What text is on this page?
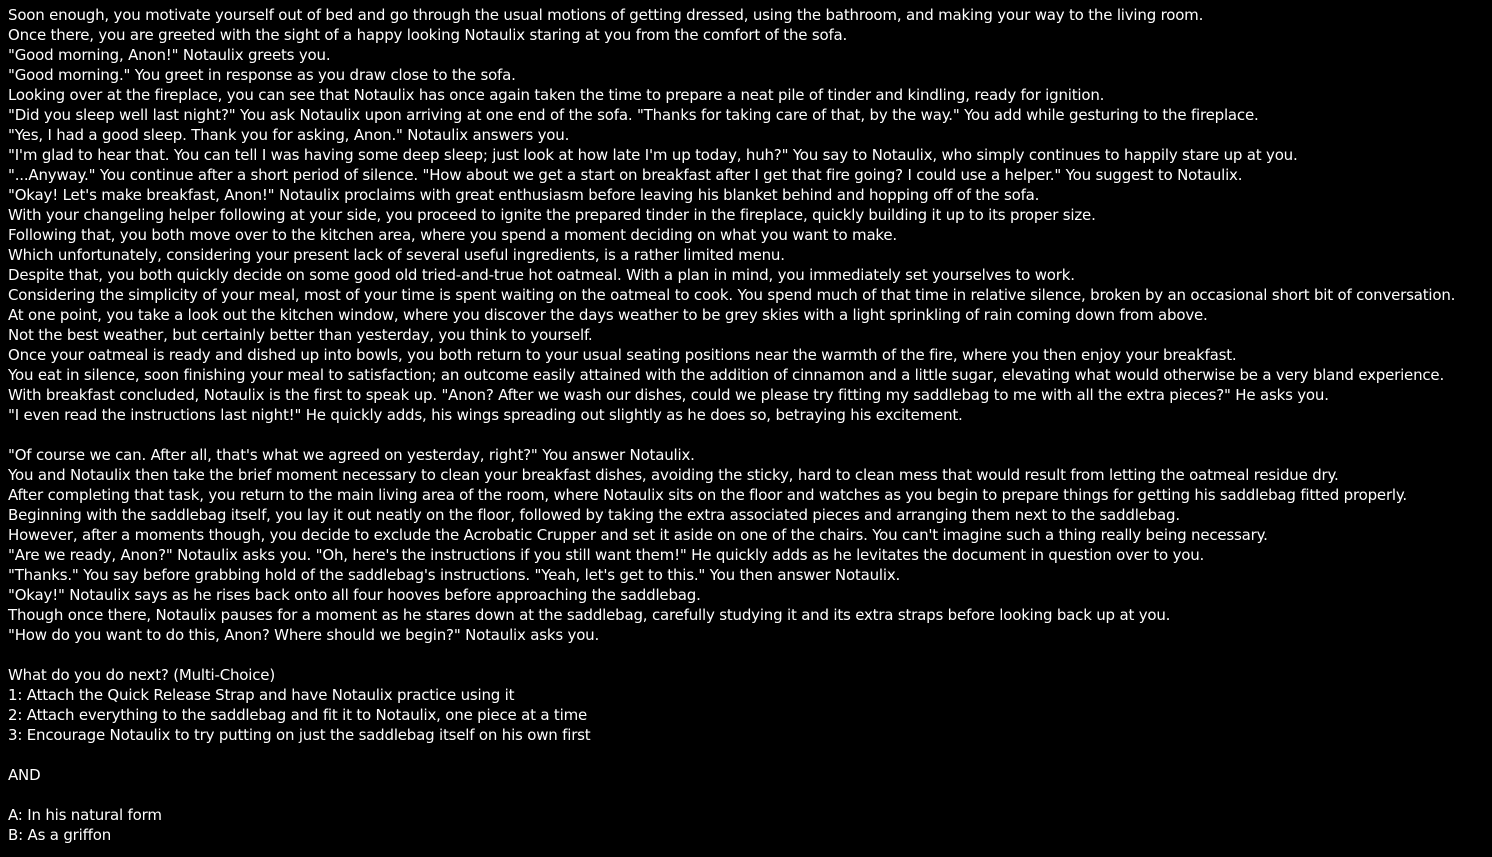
Soon enough, you motivate yourself out of bed and go through the usual motions of getting dressed, using the bathroom, and making your way to the living room.
Once there, you are greeted with the sight of a happy looking Notaulix staring at you from the comfort of the sofa.
"Good morning, Anon!" Notaulix greets you.
"Good morning." You greet in response as you draw close to the sofa.
Looking over at the fireplace, you can see that Notaulix has once again taken the time to prepare a neat pile of tinder and kindling, ready for ignition.
"Did you sleep well last night?" You ask Notaulix upon arriving at one end of the sofa. "Thanks for taking care of that, by the way." You add while gesturing to the fireplace.
"Yes, I had a good sleep. Thank you for asking, Anon." Notaulix answers you.
"I'm glad to hear that. You can tell I was having some deep sleep; just look at how late I'm up today, huh?" You say to Notaulix, who simply continues to happily stare up at you.
"...Anyway." You continue after a short period of silence. "How about we get a start on breakfast after I get that fire going? I could use a helper." You suggest to Notaulix.
"Okay! Let's make breakfast, Anon!" Notaulix proclaims with great enthusiasm before leaving his blanket behind and hopping off of the sofa.
With your changeling helper following at your side, you proceed to ignite the prepared tinder in the fireplace, quickly building it up to its proper size.
Following that, you both move over to the kitchen area, where you spend a moment deciding on what you want to make.
Which unfortunately, considering your present lack of several useful ingredients, is a rather limited menu.
Despite that, you both quickly decide on some good old tried-and-true hot oatmeal. With a plan in mind, you immediately set yourselves to work.
Considering the simplicity of your meal, most of your time is spent waiting on the oatmeal to cook. You spend much of that time in relative silence, broken by an occasional short bit of conversation.
At one point, you take a look out the kitchen window, where you discover the days weather to be grey skies with a light sprinkling of rain coming down from above.
Not the best weather, but certainly better than yesterday, you think to yourself.
Once your oatmeal is ready and dished up into bowls, you both return to your usual seating positions near the warmth of the fire, where you then enjoy your breakfast.
You eat in silence, soon finishing your meal to satisfaction; an outcome easily attained with the addition of cinnamon and a little sugar, elevating what would otherwise be a very bland experience.
With breakfast concluded, Notaulix is the first to speak up. "Anon? After we wash our dishes, could we please try fitting my saddlebag to me with all the extra pieces?" He asks you.
"I even read the instructions last night!" He quickly adds, his wings spreading out slightly as he does so, betraying his excitement.
"Of course we can. After all, that's what we agreed on yesterday, right?" You answer Notaulix.
You and Notaulix then take the brief moment necessary to clean your breakfast dishes, avoiding the sticky, hard to clean mess that would result from letting the oatmeal residue dry.
After completing that task, you return to the main living area of the room, where Notaulix sits on the floor and watches as you begin to prepare things for getting his saddlebag fitted properly.
Beginning with the saddlebag itself, you lay it out neatly on the floor, followed by taking the extra associated pieces and arranging them next to the saddlebag.
However, after a moments though, you decide to exclude the Acrobatic Crupper and set it aside on one of the chairs. You can't imagine such a thing really being necessary.
"Are we ready, Anon?" Notaulix asks you. "Oh, here's the instructions if you still want them!" He quickly adds as he levitates the document in question over to you.
"Thanks." You say before grabbing hold of the saddlebag's instructions. "Yeah, let's get to this." You then answer Notaulix.
"Okay!" Notaulix says as he rises back onto all four hooves before approaching the saddlebag.
Though once there, Notaulix pauses for a moment as he stares down at the saddlebag, carefully studying it and its extra straps before looking back up at you.
"How do you want to do this, Anon? Where should we begin?" Notaulix asks you.
What do you do next? (Multi-Choice)
1: Attach the Quick Release Strap and have Notaulix practice using it
2: Attach everything to the saddlebag and fit it to Notaulix, one piece at a time
3: Encourage Notaulix to try putting on just the saddlebag itself on his own first
AND
A: In his natural form
B: As a griffon
